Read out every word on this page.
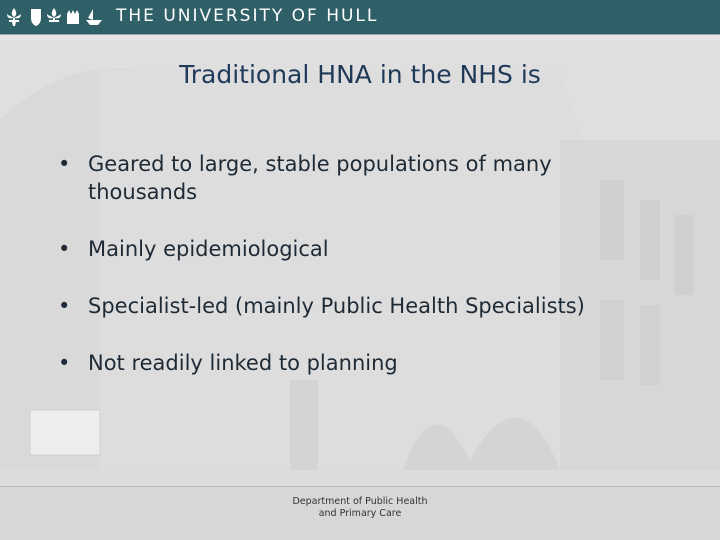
THE UNIVERSITY OF HULL
Traditional HNA in the NHS is
• Geared to large, stable populations of many
thousands
• Mainly epidemiological
• Specialist-led (mainly Public Health Specialists)
• Not readily linked to planning
Department of Public Health
and Primary Care
